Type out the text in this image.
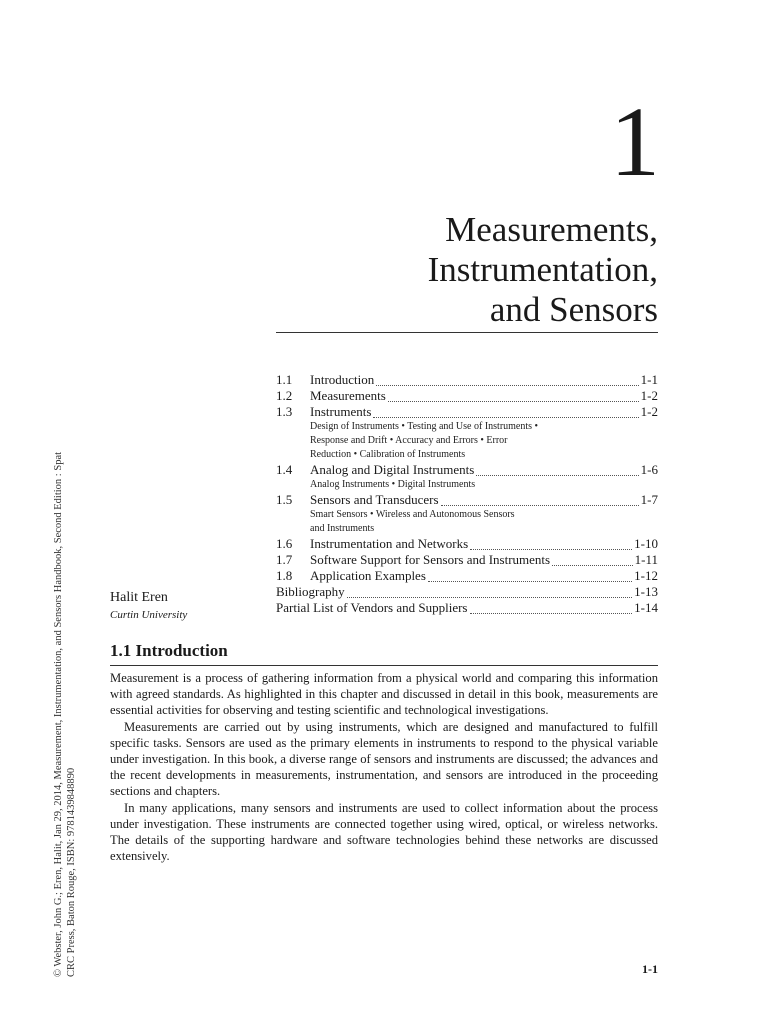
© Webster, John G.; Eren, Halit, Jan 29, 2014, Measurement, Instrumentation, and Sensors Handbook, Second Edition : Spat CRC Press, Baton Rouge, ISBN: 9781439848890
1
Measurements,
Instrumentation,
and Sensors
1.1	Introduction	1-1
1.2	Measurements	1-2
1.3	Instruments	1-2
Design of Instruments • Testing and Use of Instruments •
Response and Drift • Accuracy and Errors • Error
Reduction • Calibration of Instruments
1.4	Analog and Digital Instruments	1-6
Analog Instruments • Digital Instruments
1.5	Sensors and Transducers	1-7
Smart Sensors • Wireless and Autonomous Sensors
and Instruments
1.6	Instrumentation and Networks	1-10
1.7	Software Support for Sensors and Instruments	1-11
1.8	Application Examples	1-12
Bibliography	1-13
Partial List of Vendors and Suppliers	1-14
Halit Eren
Curtin University
1.1 Introduction

Measurement is a process of gathering information from a physical world and comparing this information with agreed standards. As highlighted in this chapter and discussed in detail in this book, measurements are essential activities for observing and testing scientific and technological investigations.

Measurements are carried out by using instruments, which are designed and manufactured to fulfill specific tasks. Sensors are used as the primary elements in instruments to respond to the physical variable under investigation. In this book, a diverse range of sensors and instruments are discussed; the advances and the recent developments in measurements, instrumentation, and sensors are introduced in the proceeding sections and chapters.

In many applications, many sensors and instruments are used to collect information about the process under investigation. These instruments are connected together using wired, optical, or wireless networks. The details of the supporting hardware and software technologies behind these networks are discussed extensively.

1-1
